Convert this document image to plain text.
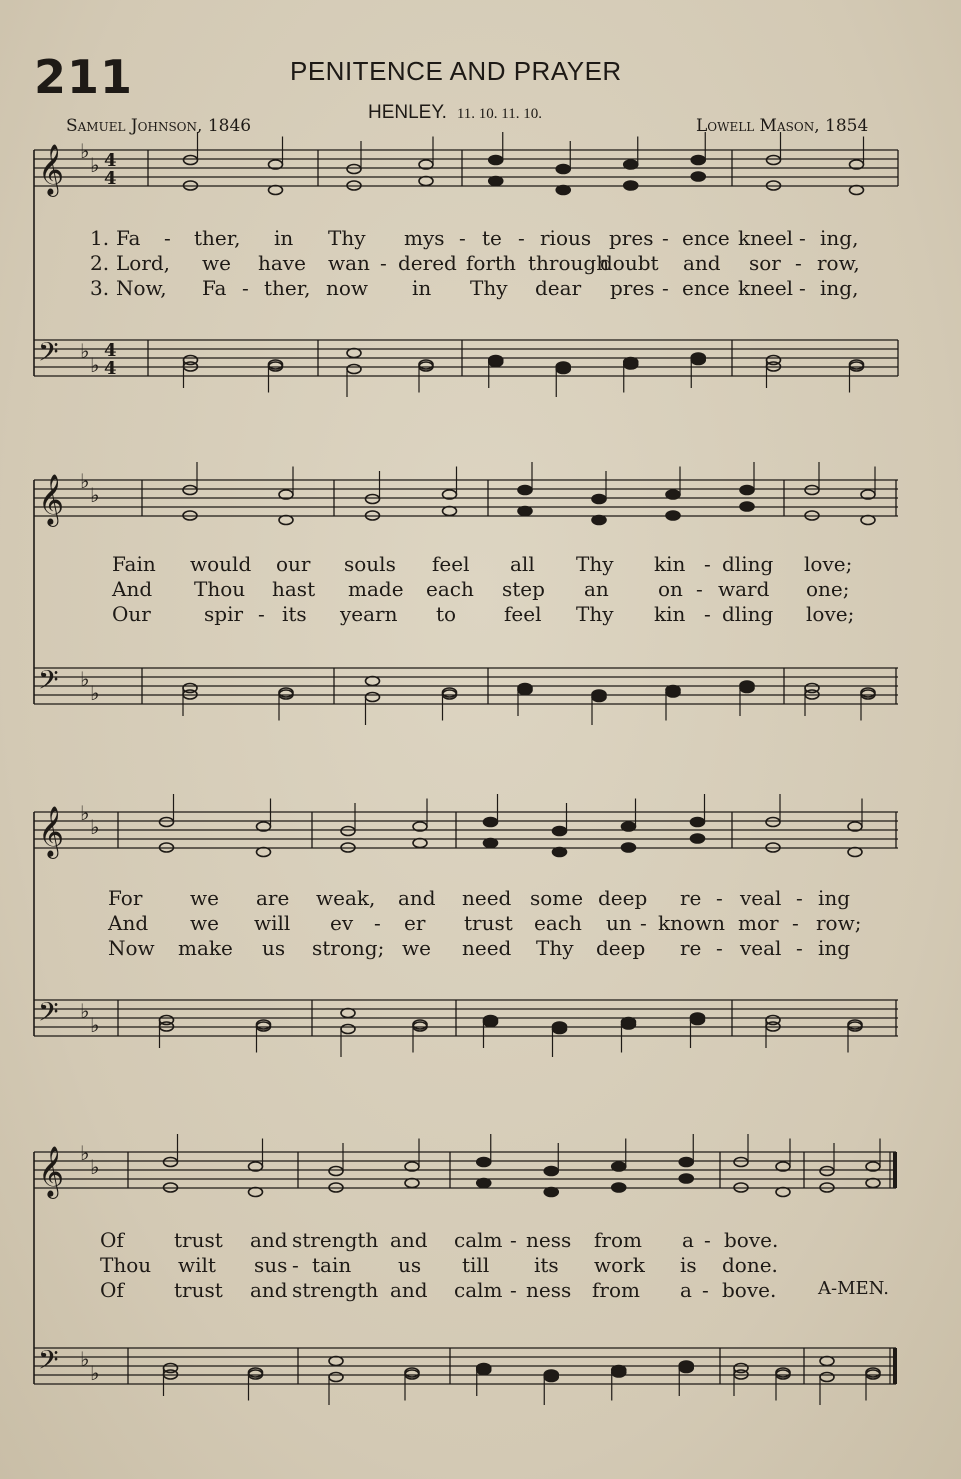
211	PENITENCE AND PRAYER
HENLEY. 11. 10. 11. 10.
Samuel Johnson, 1846	Lowell Mason, 1854
𝄞 ♭
♭
𝄢 ♭
♭
4
4
4
4
𝄞 ♭
♭
𝄢 ♭
♭
𝄞 ♭
♭
𝄢 ♭
♭
𝄞 ♭
♭
𝄢 ♭
♭
1. Fa - ther, in Thy mys - te - rious pres - ence kneel - ing,
2. Lord, we have wan - dered forth through
doubt and sor - row,
3. Now, Fa - ther, now in Thy dear pres - ence kneel - ing,
Fain would our souls feel all Thy kin - dling love;
And Thou hast made each step an on - ward one;
Our	spir - its yearn to feel Thy kin - dling love;
For we are weak, and need some deep re - veal - ing
And we will ev - er trust each un - known mor - row;
Now make us strong; we need Thy deep re - veal - ing
Of	trust and strength and calm - ness from a - bove.
Thou wilt sus - tain us till its work is done.
Of	trust and strength and calm - ness from a - bove. A-MEN.
